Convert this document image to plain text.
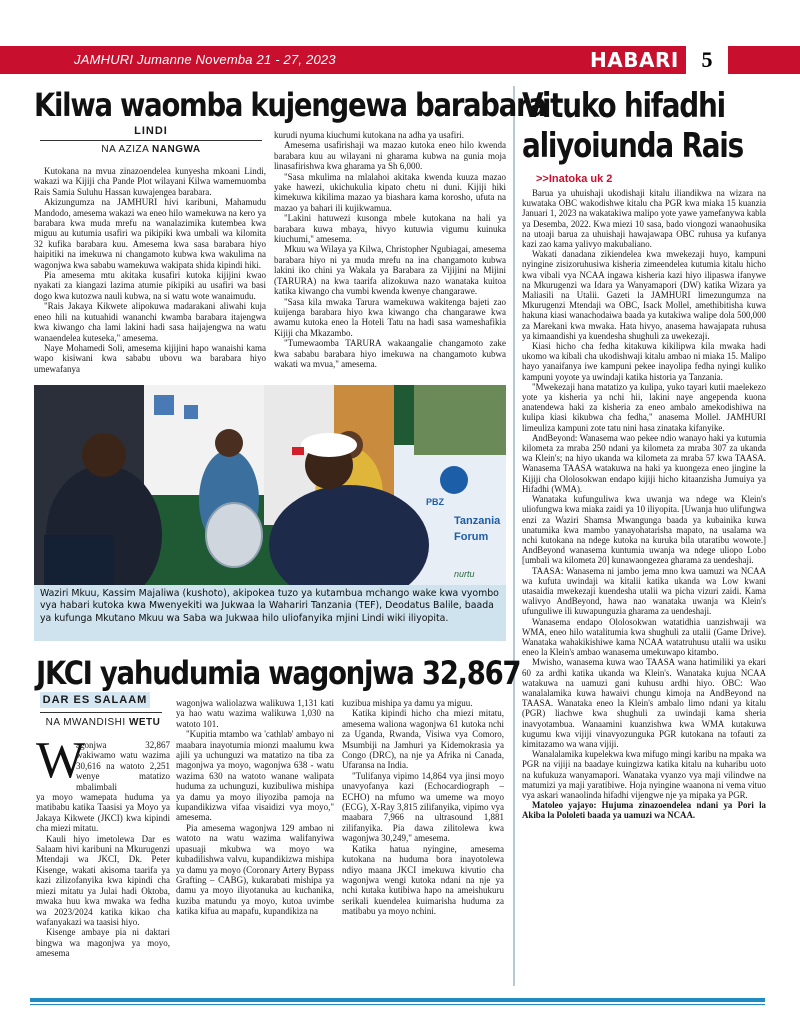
JAMHURI Jumanne Novemba 21 - 27, 2023	HABARI	5
Kilwa waomba kujengewa barabara
LINDI
NA AZIZA NANGWA

Kutokana na mvua zinazoendelea kunyesha mkoani Lindi, wakazi wa Kijiji cha Pande Plot wilayani Kilwa wamemuomba Rais Samia Suluhu Hassan kuwajengea barabara.

Akizungumza na JAMHURI hivi karibuni, Mahamudu Mandodo, amesema wakazi wa eneo hilo wamekuwa na kero ya barabara kwa muda mrefu na wanalazimika kutembea kwa miguu au kutumia usafiri wa pikipiki kwa umbali wa kilomita 32 kufika barabara kuu. Amesema kwa sasa barabara hiyo haipitiki na imekuwa ni changamoto kubwa kwa wakulima na wagonjwa kwa sababu wamekuwa wakipata shida kipindi hiki.

Pia amesema mtu akitaka kusafiri kutoka kijijini kwao nyakati za kiangazi lazima atumie pikipiki au usafiri wa basi dogo kwa kutozwa nauli kubwa, na si watu wote wanaimudu.

"Rais Jakaya Kikwete alipokuwa madarakani aliwahi kuja eneo hili na kutuahidi wananchi kwamba barabara itajengwa kwa kiwango cha lami lakini hadi sasa haijajengwa na watu wanaendelea kuteseka," amesema.

Naye Mohamedi Soli, amesema kijijini hapo wanaishi kama wapo kisiwani kwa sababu ubovu wa barabara hiyo umewafanya

kurudi nyuma kiuchumi kutokana na adha ya usafiri.

Amesema usafirishaji wa mazao kutoka eneo hilo kwenda barabara kuu au wilayani ni gharama kubwa na gunia moja linasafirishwa kwa gharama ya Sh 6,000.

"Sasa mkulima na mlalahoi akitaka kwenda kuuza mazao yake hawezi, ukichukulia kipato chetu ni duni. Kijiji hiki kimekuwa kikilima mazao ya biashara kama korosho, ufuta na mazao ya bahari ili kujikwamua.

"Lakini hatuwezi kusonga mbele kutokana na hali ya barabara kuwa mbaya, hivyo kutuwia vigumu kuinuka kiuchumi," amesema.

Mkuu wa Wilaya ya Kilwa, Christopher Ngubiagai, amesema barabara hiyo ni ya muda mrefu na ina changamoto kubwa lakini iko chini ya Wakala ya Barabara za Vijijini na Mijini (TARURA) na kwa taarifa alizokuwa nazo wanataka kuitoa katika kiwango cha vumbi kwenda kwenye changarawe.

"Sasa kila mwaka Tarura wamekuwa wakitenga bajeti zao kuijenga barabara hiyo kwa kiwango cha changarawe kwa awamu kutoka eneo la Hoteli Tatu na hadi sasa wameshafikia Kijiji cha Mkazambo.

"Tumewaomba TARURA wakaangalie changamoto zake kwa sababu barabara hiyo imekuwa na changamoto kubwa wakati wa mvua," amesema.

Tanzania
Forum
PBZ
nurtu
Waziri Mkuu, Kassim Majaliwa (kushoto), akipokea tuzo ya kutambua mchango wake kwa vyombo vya habari kutoka kwa Mwenyekiti wa Jukwaa la Wahariri Tanzania (TEF), Deodatus Balile, baada ya kufunga Mkutano Mkuu wa Saba wa Jukwaa hilo uliofanyika mjini Lindi wiki iliyopita.
JKCI yahudumia wagonjwa 32,867
DAR ES SALAAM
NA MWANDISHI WETU
W

agonjwa 32,867 wakiwamo watu wazima 30,616 na watoto 2,251 wenye matatizo mbalimbali

ya moyo wamepata huduma ya matibabu katika Taasisi ya Moyo ya Jakaya Kikwete (JKCI) kwa kipindi cha miezi mitatu.

Kauli hiyo imetolewa Dar es Salaam hivi karibuni na Mkurugenzi Mtendaji wa JKCI, Dk. Peter Kisenge, wakati akisoma taarifa ya kazi zilizofanyika kwa kipindi cha miezi mitatu ya Julai hadi Oktoba, mwaka huu kwa mwaka wa fedha wa 2023/2024 katika kikao cha wafanyakazi wa taasisi hiyo.

Kisenge ambaye pia ni daktari bingwa wa magonjwa ya moyo, amesema

wagonjwa waliolazwa walikuwa 1,131 kati ya hao watu wazima walikuwa 1,030 na watoto 101.

"Kupitia mtambo wa 'cathlab' ambayo ni maabara inayotumia mionzi maalumu kwa ajili ya uchunguzi wa matatizo na tiba za magonjwa ya moyo, wagonjwa 638 - watu wazima 630 na watoto wanane walipata huduma za uchunguzi, kuzibuliwa mishipa ya damu ya moyo iliyoziba pamoja na kupandikizwa vifaa visaidizi vya moyo," amesema.

Pia amesema wagonjwa 129 ambao ni watoto na watu wazima walifanyiwa upasuaji mkubwa wa moyo wa kubadilishwa valvu, kupandikizwa mishipa ya damu ya moyo (Coronary Artery Bypass Grafting – CABG), kukarabati mishipa ya damu ya moyo iliyotanuka au kuchanika, kuziba matundu ya moyo, kutoa uvimbe katika kifua au mapafu, kupandikiza na

kuzibua mishipa ya damu ya miguu.

Katika kipindi hicho cha miezi mitatu, amesema waliona wagonjwa 61 kutoka nchi za Uganda, Rwanda, Visiwa vya Comoro, Msumbiji na Jamhuri ya Kidemokrasia ya Congo (DRC), na nje ya Afrika ni Canada, Ufaransa na India.

"Tulifanya vipimo 14,864 vya jinsi moyo unavyofanya kazi (Echocardiograph – ECHO) na mfumo wa umeme wa moyo (ECG), X-Ray 3,815 zilifanyika, vipimo vya maabara 7,966 na ultrasound 1,881 zilifanyika. Pia dawa zilitolewa kwa wagonjwa 30,249," amesema.

Katika hatua nyingine, amesema kutokana na huduma bora inayotolewa ndiyo maana JKCI imekuwa kivutio cha wagonjwa wengi kutoka ndani na nje ya nchi kutaka kutibiwa hapo na ameishukuru serikali kuendelea kuimarisha huduma za matibabu ya moyo nchini.

Vituko hifadhi
aliyoiunda Rais
>>Inatoka uk 2

Barua ya uhuishaji ukodishaji kitalu iliandikwa na wizara na kuwataka OBC wakodishwe kitalu cha PGR kwa miaka 15 kuanzia Januari 1, 2023 na wakatakiwa malipo yote yawe yamefanywa kabla ya Desemba, 2022. Kwa miezi 10 sasa, bado viongozi wanaohusika na utoaji barua za uhuishaji hawajawapa OBC ruhusa ya kufanya kazi zao kama yalivyo makubaliano.

Wakati danadana zikiendelea kwa mwekezaji huyo, kampuni nyingine zisizoruhusiwa kisheria zimeendelea kutumia kitalu hicho kwa vibali vya NCAA ingawa kisheria kazi hiyo ilipaswa ifanywe na Mkurugenzi wa Idara ya Wanyamapori (DW) katika Wizara ya Maliasili na Utalii. Gazeti la JAMHURI limezungumza na Mkurugenzi Mtendaji wa OBC, Isack Mollel, amethibitisha kuwa hakuna kiasi wanachodaiwa baada ya kutakiwa walipe dola 500,000 za Marekani kwa mwaka. Hata hivyo, anasema hawajapata ruhusa ya kimaandishi ya kuendesha shughuli za uwekezaji.

Kiasi hicho cha fedha kitakuwa kikilipwa kila mwaka hadi ukomo wa kibali cha ukodishwaji kitalu ambao ni miaka 15. Malipo hayo yanaifanya iwe kampuni pekee inayolipa fedha nyingi kuliko kampuni yoyote ya uwindaji katika historia ya Tanzania.

"Mwekezaji hana matatizo ya kulipa, yuko tayari kutii maelekezo yote ya kisheria ya nchi hii, lakini naye angependa kuona anatendewa haki za kisheria za eneo ambalo amekodishiwa na kulipa kiasi kikubwa cha fedha," anasema Mollel. JAMHURI limeuliza kampuni zote tatu nini hasa zinataka kifanyike.

AndBeyond: Wanasema wao pekee ndio wanayo haki ya kutumia kilometa za mraba 250 ndani ya kilometa za mraba 307 za ukanda wa Klein's; na hiyo ukanda wa kilometa za mraba 57 kwa TAASA. Wanasema TAASA watakuwa na haki ya kuongeza eneo jingine la Kijiji cha Ololosokwan endapo kijiji hicho kitaanzisha Jumuiya ya Hifadhi (WMA).

Wanataka kufunguliwa kwa uwanja wa ndege wa Klein's uliofungwa kwa miaka zaidi ya 10 iliyopita. [Uwanja huo ulifungwa enzi za Waziri Shamsa Mwangunga baada ya kubainika kuwa unatumika kwa mambo yanayohatarisha mapato, na usalama wa nchi kutokana na ndege kutoka na kuruka bila utaratibu wowote.] AndBeyond wanasema kuntumia uwanja wa ndege uliopo Lobo [umbali wa kilometa 20] kunawaongezea gharama za uendeshaji.

TAASA: Wanasema ni jambo jema mno kwa uamuzi wa NCAA wa kufuta uwindaji wa kitalii katika ukanda wa Low kwani utasaidia mwekezaji kuendesha utalii wa picha vizuri zaidi. Kama walivyo AndBeyond, hawa nao wanataka uwanja wa Klein's ufunguliwe ili kuwapunguzia gharama za uendeshaji.

Wanasema endapo Ololosokwan watatidhia uanzishwaji wa WMA, eneo hilo watalitumia kwa shughuli za utalii (Game Drive). Wanataka wahakikishiwe kama NCAA watatruhusu utalii wa usiku eneo la Klein's ambao wanasema umekuwapo kitambo.

Mwisho, wanasema kuwa wao TAASA wana hatimiliki ya ekari 60 za ardhi katika ukanda wa Klein's. Wanataka kujua NCAA watakuwa na uamuzi gani kuhusu ardhi hiyo. OBC: Wao wanalalamika kuwa hawaivi chungu kimoja na AndBeyond na TAASA. Wanataka eneo la Klein's ambalo limo ndani ya kitalu (PGR) liachwe kwa shughuli za uwindaji kama sheria inavyotambua. Wanaamini kuanzishwa kwa WMA kutakuwa kugumu kwa vijiji vinavyozunguka PGR kutokana na tofauti za kimitazamo wa wana vijiji.

Wanalalamika kupelekwa kwa mifugo mingi karibu na mpaka wa PGR na vijiji na baadaye kuingizwa katika kitalu na kuharibu uoto na kufukuza wanyamapori. Wanataka vyanzo vya maji vilindwe na matumizi ya maji yaratibiwe. Hoja nyingine waanona ni vema vituo vya askari wanaolinda hifadhi vijengwe nje ya mipaka ya PGR.

Matoleo yajayo: Hujuma zinazoendelea ndani ya Pori la Akiba la Pololeti baada ya uamuzi wa NCAA.
